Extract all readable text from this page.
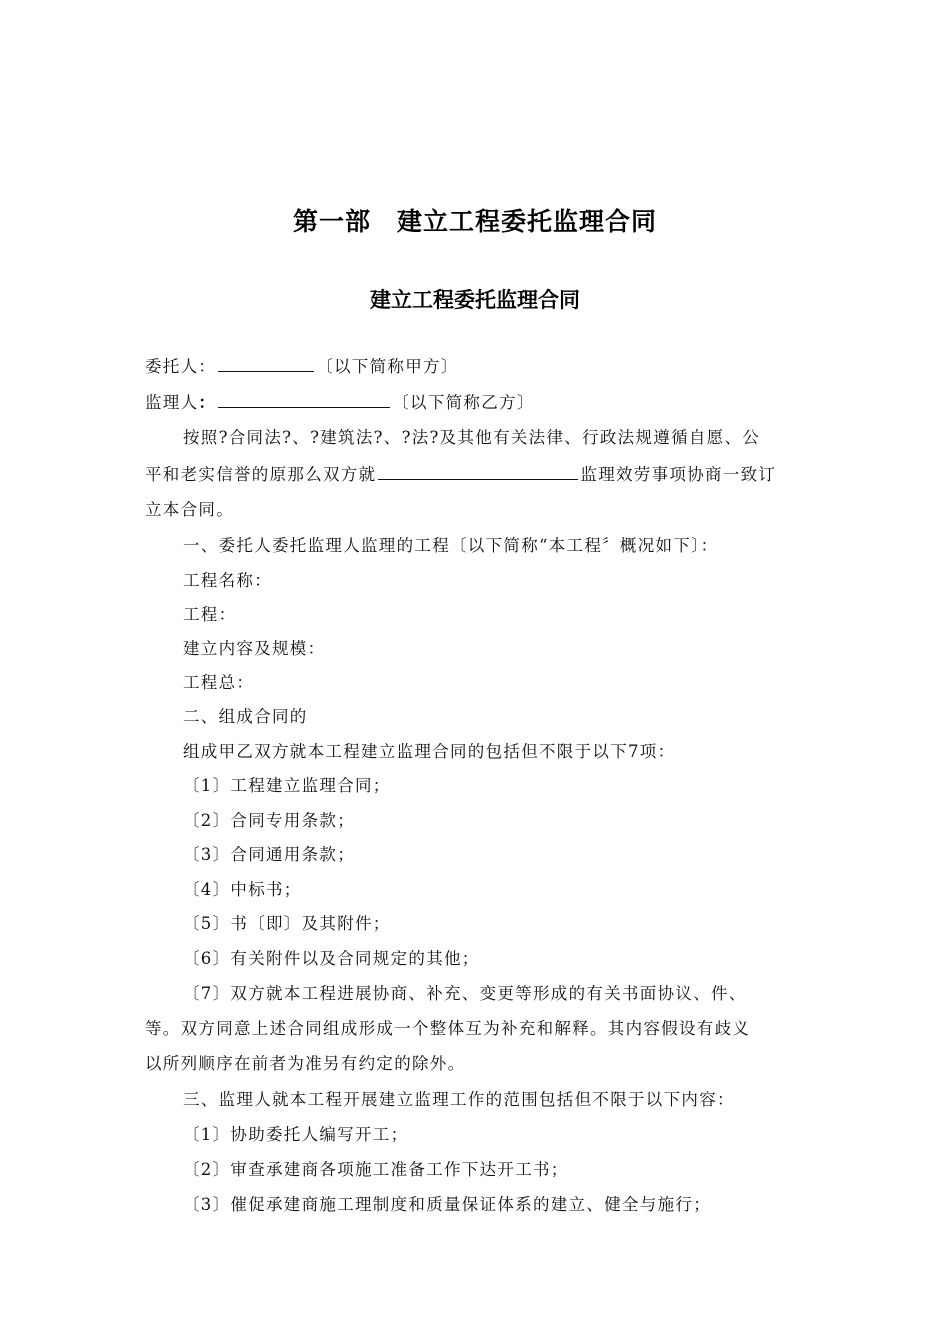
第一部　建立工程委托监理合同
建立工程委托监理合同
委托人：	〔以下简称甲方〕
监理人：	〔以下简称乙方〕
按照?合同法?、?建筑法?、?法?及其他有关法律、行政法规遵循自愿、公
平和老实信誉的原那么双方就	监理效劳事项协商一致订
立本合同。
一、委托人委托监理人监理的工程〔以下简称“本工程〞概况如下〕：
工程名称：
工程：
建立内容及规模：
工程总：
二、组成合同的
组成甲乙双方就本工程建立监理合同的包括但不限于以下7项：
〔1〕工程建立监理合同；
〔2〕合同专用条款；
〔3〕合同通用条款；
〔4〕中标书；
〔5〕书〔即〕及其附件；
〔6〕有关附件以及合同规定的其他；
〔7〕双方就本工程进展协商、补充、变更等形成的有关书面协议、件、
等。双方同意上述合同组成形成一个整体互为补充和解释。其内容假设有歧义
以所列顺序在前者为准另有约定的除外。
三、监理人就本工程开展建立监理工作的范围包括但不限于以下内容：
〔1〕协助委托人编写开工；
〔2〕审查承建商各项施工准备工作下达开工书；
〔3〕催促承建商施工理制度和质量保证体系的建立、健全与施行；
